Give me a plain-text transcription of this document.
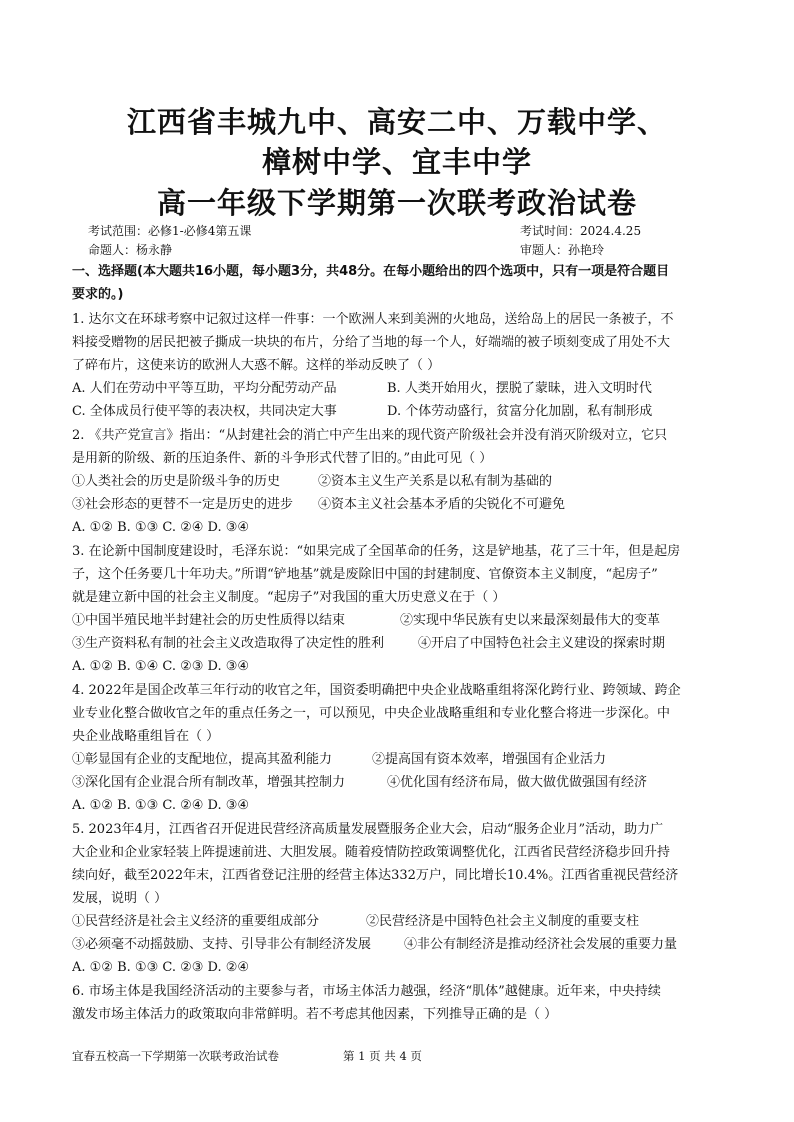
江西省丰城九中、高安二中、万载中学、
樟树中学、宜丰中学
高一年级下学期第一次联考政治试卷
考试范围：必修1-必修4第五课	考试时间：2024.4.25
命题人：杨永静	审题人：孙艳玲
一、选择题(本大题共16小题，每小题3分，共48分。在每小题给出的四个选项中，只有一项是符合题目
要求的。)
1. 达尔文在环球考察中记叙过这样一件事：一个欧洲人来到美洲的火地岛，送给岛上的居民一条被子，不
料接受赠物的居民把被子撕成一块块的布片，分给了当地的每一个人，好端端的被子顷刻变成了用处不大
了碎布片，这使来访的欧洲人大惑不解。这样的举动反映了（ ）
A. 人们在劳动中平等互助，平均分配劳动产品	B. 人类开始用火，摆脱了蒙昧，进入文明时代
C. 全体成员行使平等的表决权，共同决定大事	D. 个体劳动盛行，贫富分化加剧，私有制形成
2. 《共产党宣言》指出：“从封建社会的消亡中产生出来的现代资产阶级社会并没有消灭阶级对立，它只
是用新的阶级、新的压迫条件、新的斗争形式代替了旧的。”由此可见（ ）
①人类社会的历史是阶级斗争的历史	②资本主义生产关系是以私有制为基础的
③社会形态的更替不一定是历史的进步	④资本主义社会基本矛盾的尖锐化不可避免
A. ①② B. ①③ C. ②④ D. ③④
3. 在论新中国制度建设时，毛泽东说：“如果完成了全国革命的任务，这是铲地基，花了三十年，但是起房
子，这个任务要几十年功夫。”所谓“铲地基”就是废除旧中国的封建制度、官僚资本主义制度，“起房子”
就是建立新中国的社会主义制度。“起房子”对我国的重大历史意义在于（ ）
①中国半殖民地半封建社会的历史性质得以结束	②实现中华民族有史以来最深刻最伟大的变革
③生产资料私有制的社会主义改造取得了决定性的胜利	④开启了中国特色社会主义建设的探索时期
A. ①② B. ①④ C. ②③ D. ③④
4. 2022年是国企改革三年行动的收官之年，国资委明确把中央企业战略重组将深化跨行业、跨领域、跨企
业专业化整合做收官之年的重点任务之一，可以预见，中央企业战略重组和专业化整合将进一步深化。中
央企业战略重组旨在（ ）
①彰显国有企业的支配地位，提高其盈利能力	②提高国有资本效率，增强国有企业活力
③深化国有企业混合所有制改革，增强其控制力	④优化国有经济布局，做大做优做强国有经济
A. ①② B. ①③ C. ②④ D. ③④
5. 2023年4月，江西省召开促进民营经济高质量发展暨服务企业大会，启动“服务企业月”活动，助力广
大企业和企业家轻装上阵提速前进、大胆发展。随着疫情防控政策调整优化，江西省民营经济稳步回升持
续向好，截至2022年末，江西省登记注册的经营主体达332万户，同比增长10.4%。江西省重视民营经济
发展，说明（ ）
①民营经济是社会主义经济的重要组成部分	②民营经济是中国特色社会主义制度的重要支柱
③必须毫不动摇鼓励、支持、引导非公有制经济发展	④非公有制经济是推动经济社会发展的重要力量
A. ①② B. ①③ C. ②③ D. ②④
6. 市场主体是我国经济活动的主要参与者，市场主体活力越强，经济“肌体”越健康。近年来，中央持续
激发市场主体活力的政策取向非常鲜明。若不考虑其他因素，下列推导正确的是（ ）
宜春五校高一下学期第一次联考政治试卷	第 1 页 共 4 页
